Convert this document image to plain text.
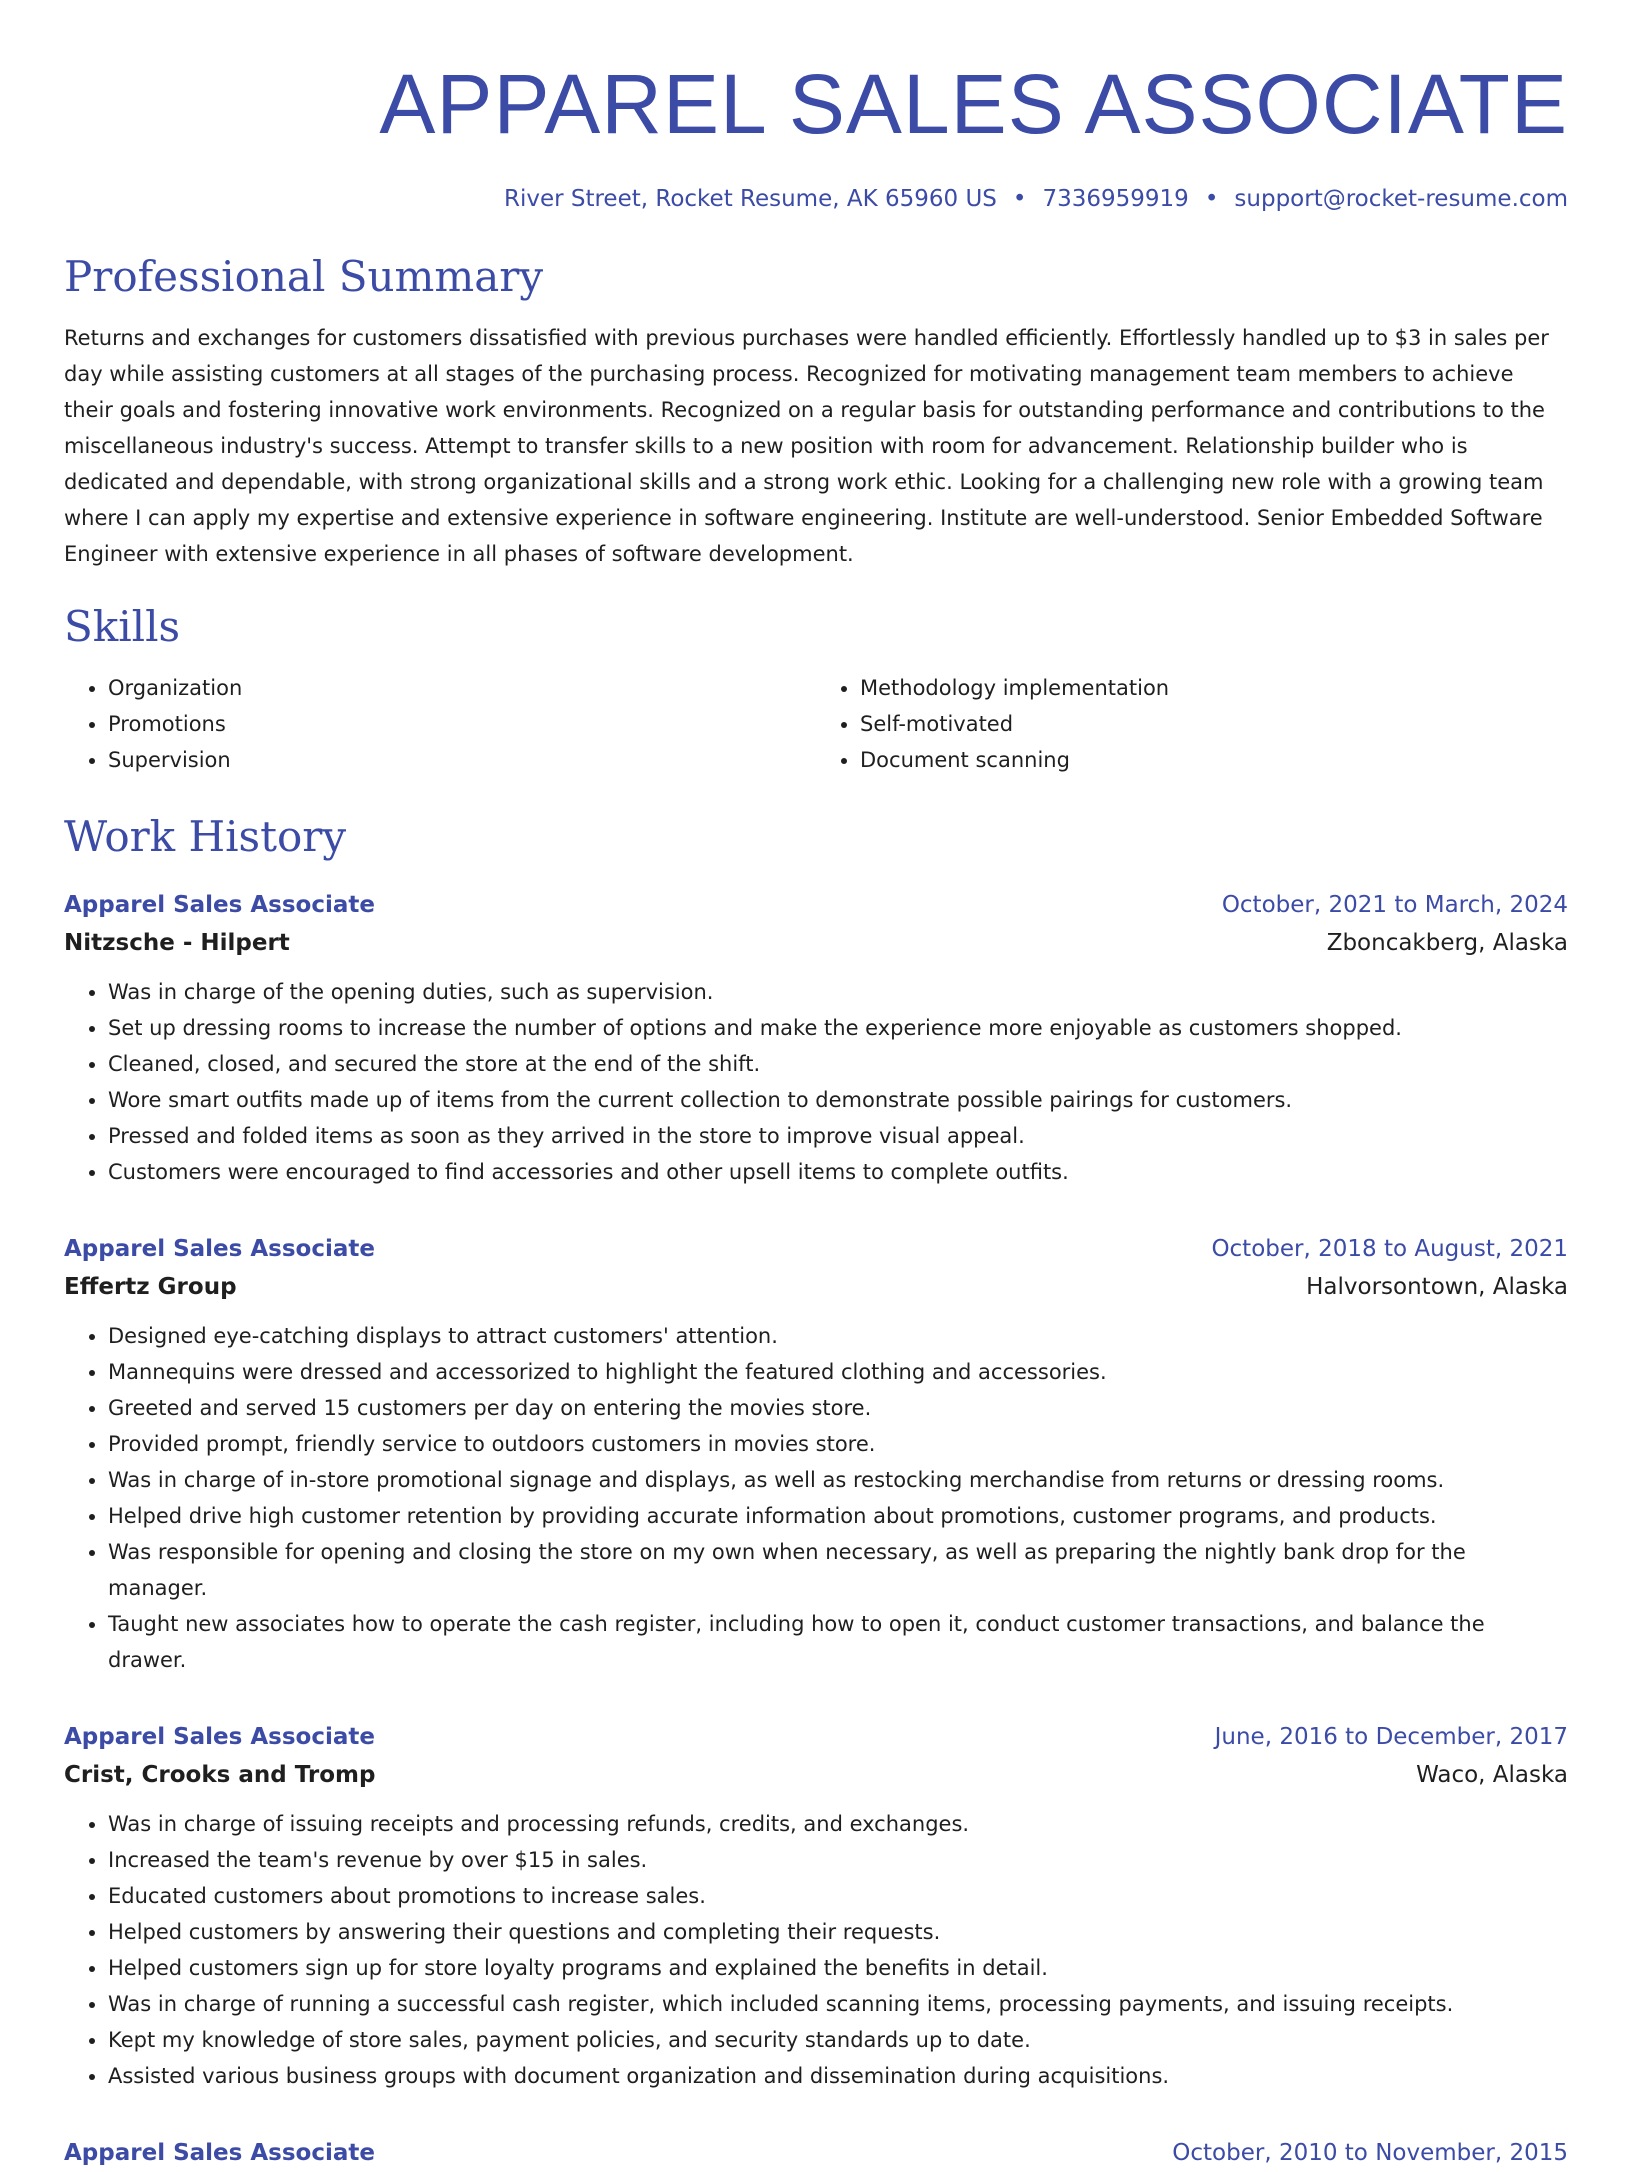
APPAREL SALES ASSOCIATE
River Street, Rocket Resume, AK 65960 US • 7336959919 • support@rocket-resume.com
Professional Summary
Returns and exchanges for customers dissatisfied with previous purchases were handled efficiently. Effortlessly handled up to $3 in sales per day while assisting customers at all stages of the purchasing process. Recognized for motivating management team members to achieve their goals and fostering innovative work environments. Recognized on a regular basis for outstanding performance and contributions to the miscellaneous industry's success. Attempt to transfer skills to a new position with room for advancement. Relationship builder who is dedicated and dependable, with strong organizational skills and a strong work ethic. Looking for a challenging new role with a growing team where I can apply my expertise and extensive experience in software engineering. Institute are well-understood. Senior Embedded Software Engineer with extensive experience in all phases of software development.
Skills
• Organization
• Promotions
• Supervision
• Methodology implementation
• Self-motivated
• Document scanning
Work History
Apparel Sales Associate	October, 2021 to March, 2024
Nitzsche - Hilpert	Zboncakberg, Alaska
• Was in charge of the opening duties, such as supervision.
• Set up dressing rooms to increase the number of options and make the experience more enjoyable as customers shopped.
• Cleaned, closed, and secured the store at the end of the shift.
• Wore smart outfits made up of items from the current collection to demonstrate possible pairings for customers.
• Pressed and folded items as soon as they arrived in the store to improve visual appeal.
• Customers were encouraged to find accessories and other upsell items to complete outfits.
Apparel Sales Associate	October, 2018 to August, 2021
Effertz Group	Halvorsontown, Alaska
• Designed eye-catching displays to attract customers' attention.
• Mannequins were dressed and accessorized to highlight the featured clothing and accessories.
• Greeted and served 15 customers per day on entering the movies store.
• Provided prompt, friendly service to outdoors customers in movies store.
• Was in charge of in-store promotional signage and displays, as well as restocking merchandise from returns or dressing rooms.
• Helped drive high customer retention by providing accurate information about promotions, customer programs, and products.
• Was responsible for opening and closing the store on my own when necessary, as well as preparing the nightly bank drop for the manager.
• Taught new associates how to operate the cash register, including how to open it, conduct customer transactions, and balance the drawer.
Apparel Sales Associate	June, 2016 to December, 2017
Crist, Crooks and Tromp	Waco, Alaska
• Was in charge of issuing receipts and processing refunds, credits, and exchanges.
• Increased the team's revenue by over $15 in sales.
• Educated customers about promotions to increase sales.
• Helped customers by answering their questions and completing their requests.
• Helped customers sign up for store loyalty programs and explained the benefits in detail.
• Was in charge of running a successful cash register, which included scanning items, processing payments, and issuing receipts.
• Kept my knowledge of store sales, payment policies, and security standards up to date.
• Assisted various business groups with document organization and dissemination during acquisitions.
Apparel Sales Associate	October, 2010 to November, 2015
